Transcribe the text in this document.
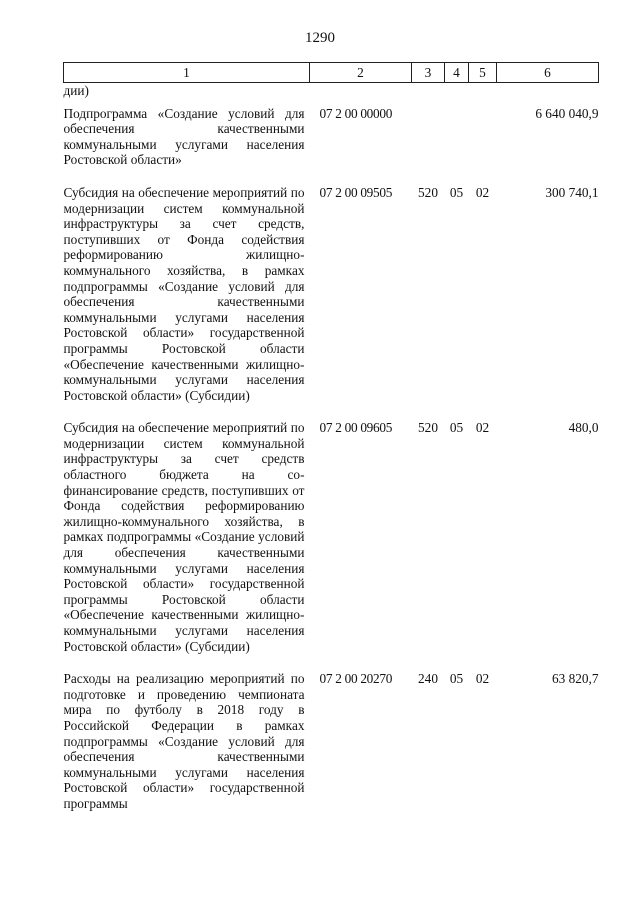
1290
1	2	3	4	5	6
дии)					
Подпрограмма «Создание условий для обеспечения качественными коммунальными услугами населения Ростовской области»	07 2 00 00000				6 640 040,9
Субсидия на обеспечение мероприятий по модернизации систем коммунальной инфраструктуры за счет средств, поступивших от Фонда содействия реформированию жилищно-коммунального хозяйства, в рамках подпрограммы «Создание условий для обеспечения качественными коммунальными услугами населения Ростовской области» государственной программы Ростовской области «Обеспечение качественными жилищно-коммунальными услугами населения Ростовской области» (Субсидии)	07 2 00 09505	520	05	02	300 740,1
Субсидия на обеспечение мероприятий по модернизации систем коммунальной инфраструктуры за счет средств областного бюджета на софинансирование средств, поступивших от Фонда содействия реформированию жилищно-коммунального хозяйства, в рамках подпрограммы «Создание условий для обеспечения качественными коммунальными услугами населения Ростовской области» государственной программы Ростовской области «Обеспечение качественными жилищно-коммунальными услугами населения Ростовской области» (Субсидии)	07 2 00 09605	520	05	02	480,0
Расходы на реализацию мероприятий по подготовке и проведению чемпионата мира по футболу в 2018 году в Российской Федерации в рамках подпрограммы «Создание условий для обеспечения качественными коммунальными услугами населения Ростовской области» государственной программы	07 2 00 20270	240	05	02	63 820,7
